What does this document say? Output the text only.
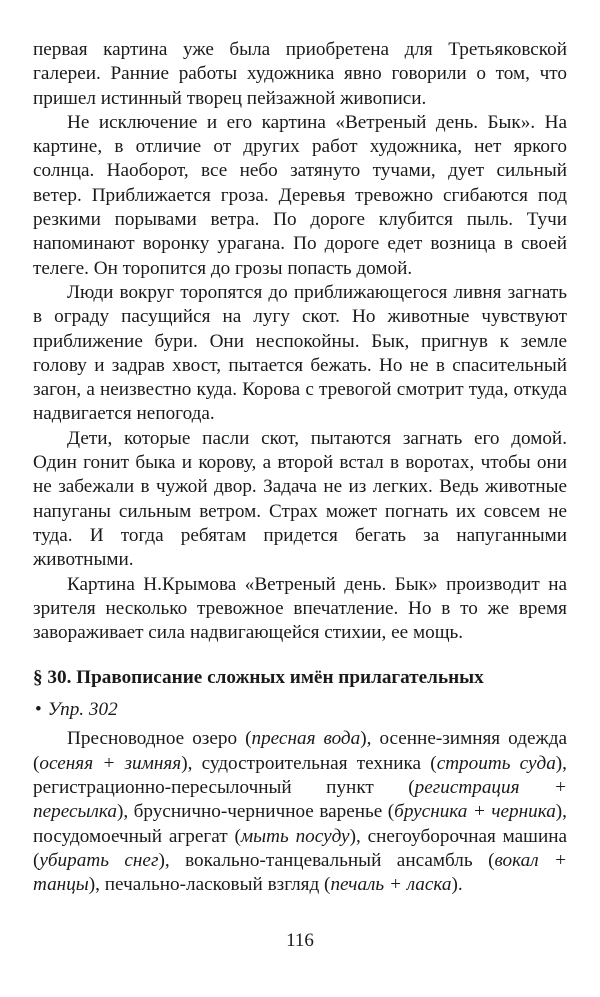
первая картина уже была приобретена для Третьяковской галереи. Ранние работы художника явно говорили о том, что пришел истинный творец пейзажной живописи.

Не исключение и его картина «Ветреный день. Бык». На картине, в отличие от других работ художника, нет яркого солнца. Наоборот, все небо затянуто тучами, дует сильный ветер. Приближается гроза. Деревья тревожно сгибаются под резкими порывами ветра. По дороге клубится пыль. Тучи напоминают воронку урагана. По дороге едет возница в своей телеге. Он торопится до грозы попасть домой.

Люди вокруг торопятся до приближающегося ливня загнать в ограду пасущийся на лугу скот. Но животные чувствуют приближение бури. Они неспокойны. Бык, пригнув к земле голову и задрав хвост, пытается бежать. Но не в спасительный загон, а неизвестно куда. Корова с тревогой смотрит туда, откуда надвигается непогода.

Дети, которые пасли скот, пытаются загнать его домой. Один гонит быка и корову, а второй встал в воротах, чтобы они не забежали в чужой двор. Задача не из легких. Ведь животные напуганы сильным ветром. Страх может погнать их совсем не туда. И тогда ребятам придется бегать за напуганными животными.

Картина Н.Крымова «Ветреный день. Бык» производит на зрителя несколько тревожное впечатление. Но в то же время завораживает сила надвигающейся стихии, ее мощь.

§ 30. Правописание сложных имён прилагательных
• Упр. 302

Пресноводное озеро (пресная вода), осенне-зимняя одежда (осеняя + зимняя), судостроительная техника (строить суда), регистрационно-пересылочный пункт (регистрация + пересылка), бруснично-черничное варенье (брусника + черника), посудомоечный агрегат (мыть посуду), снегоуборочная машина (убирать снег), вокально-танцевальный ансамбль (вокал + танцы), печально-ласковый взгляд (печаль + ласка).

116
